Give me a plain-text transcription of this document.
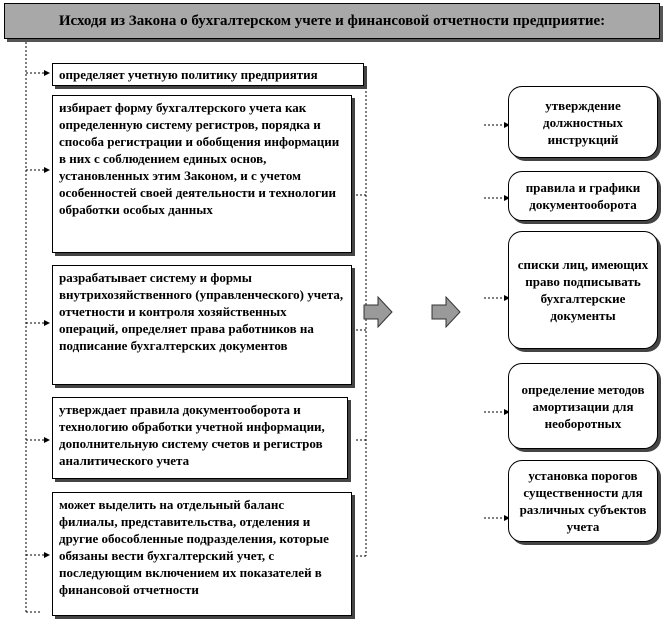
Исходя из Закона о бухгалтерском учете и финансовой отчетности предприятие:
определяет учетную политику предприятия
избирает форму бухгалтерского учета как определенную систему регистров, порядка и способа регистрации и обобщения информации в них с соблюдением единых основ, установленных этим Законом, и с учетом особенностей своей деятельности и технологии обработки особых данных
разрабатывает систему и формы внутрихозяйственного (управленческого) учета, отчетности и контроля хозяйственных операций, определяет права работников на подписание бухгалтерских документов
утверждает правила документооборота и технологию обработки учетной информации, дополнительную систему счетов и регистров аналитического учета
может выделить на отдельный баланс филиалы, представительства, отделения и другие обособленные подразделения, которые обязаны вести бухгалтерский учет, с последующим включением их показателей в финансовой отчетности
утверждение должностных инструкций
правила и графики документооборота
списки лиц, имеющих право подписывать бухгалтерские документы
определение методов амортизации для необоротных
установка порогов существенности для различных субъектов учета
